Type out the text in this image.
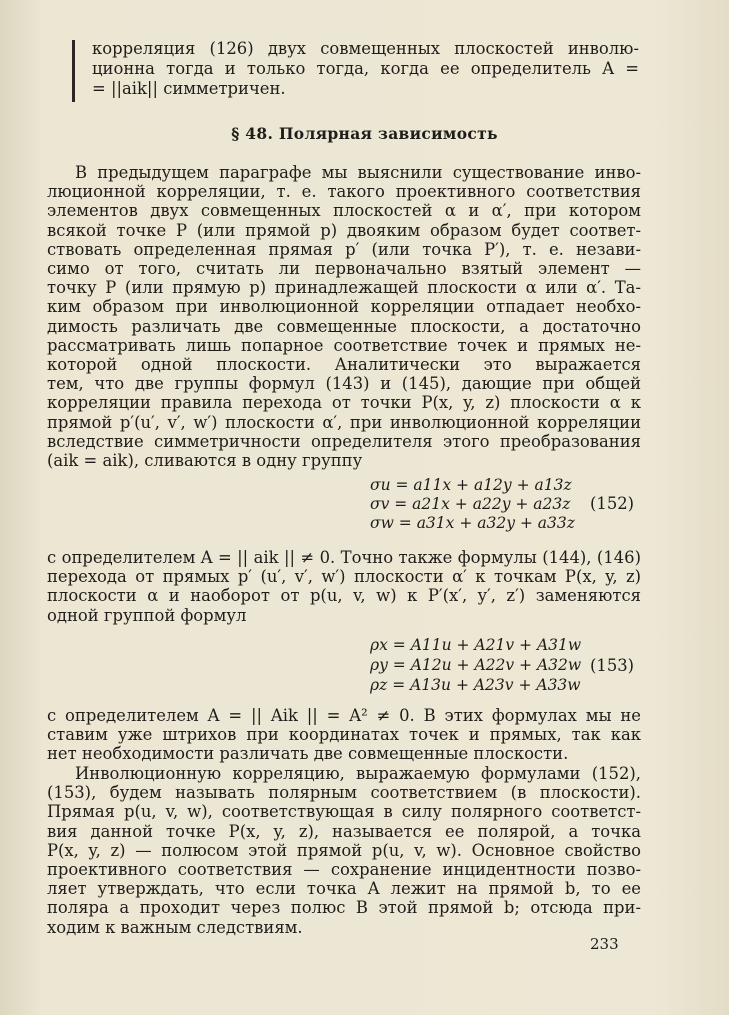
корреляция (126) двух совмещенных плоскостей инволю-
ционна тогда и только тогда, когда ее определитель A =
= ||aik|| симметричен.
§ 48. Полярная зависимость
В предыдущем параграфе мы выяснили существование инво-
люционной корреляции, т. е. такого проективного соответствия
элементов двух совмещенных плоскостей α и α′, при котором
всякой точке P (или прямой p) двояким образом будет соответ-
ствовать определенная прямая p′ (или точка P′), т. е. незави-
симо от того, считать ли первоначально взятый элемент —
точку P (или прямую p) принадлежащей плоскости α или α′. Та-
ким образом при инволюционной корреляции отпадает необхо-
димость различать две совмещенные плоскости, а достаточно
рассматривать лишь попарное соответствие точек и прямых не-
которой одной плоскости. Аналитически это выражается
тем, что две группы формул (143) и (145), дающие при общей
корреляции правила перехода от точки P(x, y, z) плоскости α к
прямой p′(u′, v′, w′) плоскости α′, при инволюционной корреляции
вследствие симметричности определителя этого преобразования
(aik = aik), сливаются в одну группу
σu = a11x + a12y + a13z
σv = a21x + a22y + a23z
σw = a31x + a32y + a33z
(152)
с определителем A = || aik || ≠ 0. Точно также формулы (144), (146)
перехода от прямых p′ (u′, v′, w′) плоскости α′ к точкам P(x, y, z)
плоскости α и наоборот от p(u, v, w) к P′(x′, y′, z′) заменяются
одной группой формул
ρx = A11u + A21v + A31w
ρy = A12u + A22v + A32w
ρz = A13u + A23v + A33w
(153)
с определителем A = || Aik || = A² ≠ 0. В этих формулах мы не
ставим уже штрихов при координатах точек и прямых, так как
нет необходимости различать две совмещенные плоскости.
Инволюционную корреляцию, выражаемую формулами (152),
(153), будем называть полярным соответствием (в плоскости).
Прямая p(u, v, w), соответствующая в силу полярного соответст-
вия данной точке P(x, y, z), называется ее полярой, а точка
P(x, y, z) — полюсом этой прямой p(u, v, w). Основное свойство
проективного соответствия — сохранение инцидентности позво-
ляет утверждать, что если точка A лежит на прямой b, то ее
поляра a проходит через полюс B этой прямой b; отсюда при-
ходим к важным следствиям.
233
